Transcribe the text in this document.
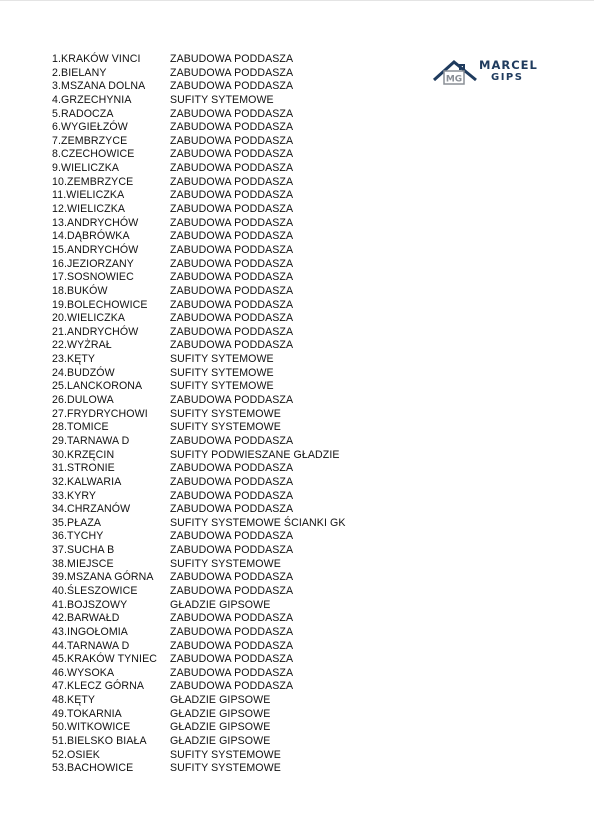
1.KRAKÓW VINCI	ZABUDOWA PODDASZA
2.BIELANY	ZABUDOWA PODDASZA
3.MSZANA DOLNA	ZABUDOWA PODDASZA
4.GRZECHYNIA	SUFITY SYTEMOWE
5.RADOCZA	ZABUDOWA PODDASZA
6.WYGIEŁZÓW	ZABUDOWA PODDASZA
7.ZEMBRZYCE	ZABUDOWA PODDASZA
8.CZECHOWICE	ZABUDOWA PODDASZA
9.WIELICZKA	ZABUDOWA PODDASZA
10.ZEMBRZYCE	ZABUDOWA PODDASZA
11.WIELICZKA	ZABUDOWA PODDASZA
12.WIELICZKA	ZABUDOWA PODDASZA
13.ANDRYCHÓW	ZABUDOWA PODDASZA
14.DĄBRÓWKA	ZABUDOWA PODDASZA
15.ANDRYCHÓW	ZABUDOWA PODDASZA
16.JEZIORZANY	ZABUDOWA PODDASZA
17.SOSNOWIEC	ZABUDOWA PODDASZA
18.BUKÓW	ZABUDOWA PODDASZA
19.BOLECHOWICE	ZABUDOWA PODDASZA
20.WIELICZKA	ZABUDOWA PODDASZA
21.ANDRYCHÓW	ZABUDOWA PODDASZA
22.WYŻRAŁ	ZABUDOWA PODDASZA
23.KĘTY	SUFITY SYTEMOWE
24.BUDZÓW	SUFITY SYTEMOWE
25.LANCKORONA	SUFITY SYTEMOWE
26.DULOWA	ZABUDOWA PODDASZA
27.FRYDRYCHOWI	SUFITY SYSTEMOWE
28.TOMICE	SUFITY SYSTEMOWE
29.TARNAWA D	ZABUDOWA PODDASZA
30.KRZĘCIN	SUFITY PODWIESZANE GŁADZIE
31.STRONIE	ZABUDOWA PODDASZA
32.KALWARIA	ZABUDOWA PODDASZA
33.KYRY	ZABUDOWA PODDASZA
34.CHRZANÓW	ZABUDOWA PODDASZA
35.PŁAZA	SUFITY SYSTEMOWE ŚCIANKI GK
36.TYCHY	ZABUDOWA PODDASZA
37.SUCHA B	ZABUDOWA PODDASZA
38.MIEJSCE	SUFITY SYSTEMOWE
39.MSZANA GÓRNA	ZABUDOWA PODDASZA
40.ŚLESZOWICE	ZABUDOWA PODDASZA
41.BOJSZOWY	GŁADZIE GIPSOWE
42.BARWAŁD	ZABUDOWA PODDASZA
43.INGOŁOMIA	ZABUDOWA PODDASZA
44.TARNAWA D	ZABUDOWA PODDASZA
45.KRAKÓW TYNIEC	ZABUDOWA PODDASZA
46.WYSOKA	ZABUDOWA PODDASZA
47.KLECZ GÓRNA	ZABUDOWA PODDASZA
48.KĘTY	GŁADZIE GIPSOWE
49.TOKARNIA	GŁADZIE GIPSOWE
50.WITKOWICE	GŁADZIE GIPSOWE
51.BIELSKO BIAŁA	GŁADZIE GIPSOWE
52.OSIEK	SUFITY SYSTEMOWE
53.BACHOWICE	SUFITY SYSTEMOWE
MG
MARCEL
GIPS
